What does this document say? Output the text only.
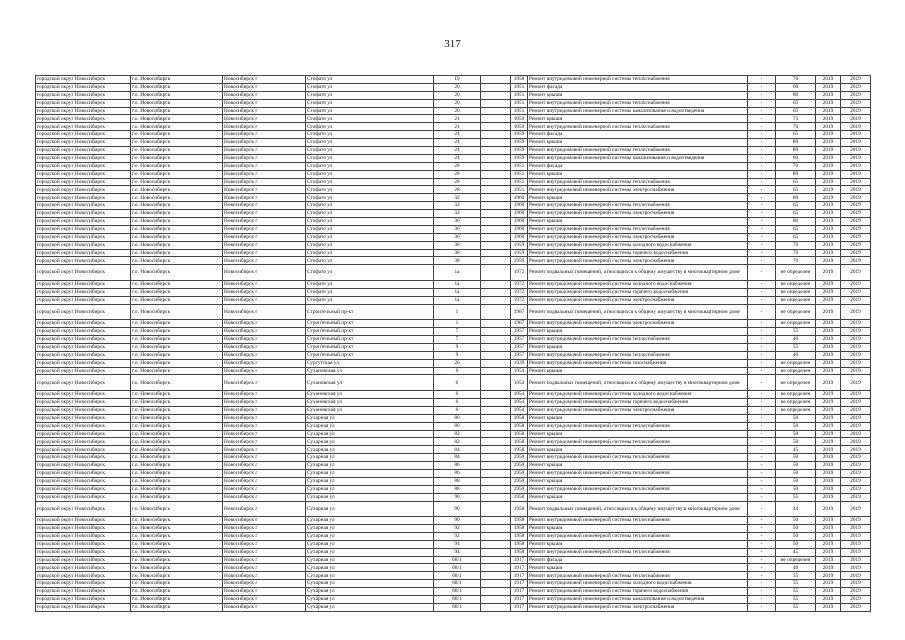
317
городской округ Новосибирск	г.о. Новосибирск	Новосибирск г	Стофато ул	19		1958	Ремонт внутридомовой инженерной системы теплоснабжения	-	70	2019	2019
городской округ Новосибирск	г.о. Новосибирск	Новосибирск г	Стофато ул	20		1951	Ремонт фасада	-	60	2019	2019
городской округ Новосибирск	г.о. Новосибирск	Новосибирск г	Стофато ул	20		1951	Ремонт крыши	-	80	2019	2019
городской округ Новосибирск	г.о. Новосибирск	Новосибирск г	Стофато ул	20		1951	Ремонт внутридомовой инженерной системы теплоснабжения	-	65	2019	2019
городской округ Новосибирск	г.о. Новосибирск	Новосибирск г	Стофато ул	20		1951	Ремонт внутридомовой инженерной системы канализования и водоотведения	-	65	2019	2019
городской округ Новосибирск	г.о. Новосибирск	Новосибирск г	Стофато ул	21		1959	Ремонт крыши	-	75	2019	2019
городской округ Новосибирск	г.о. Новосибирск	Новосибирск г	Стофато ул	21		1959	Ремонт внутридомовой инженерной системы теплоснабжения	-	70	2019	2019
городской округ Новосибирск	г.о. Новосибирск	Новосибирск г	Стофато ул	24		1959	Ремонт фасада	-	65	2019	2019
городской округ Новосибирск	г.о. Новосибирск	Новосибирск г	Стофато ул	24		1959	Ремонт крыши	-	80	2019	2019
городской округ Новосибирск	г.о. Новосибирск	Новосибирск г	Стофато ул	24		1959	Ремонт внутридомовой инженерной системы теплоснабжения	-	80	2019	2019
городской округ Новосибирск	г.о. Новосибирск	Новосибирск г	Стофато ул	24		1959	Ремонт внутридомовой инженерной системы канализования и водоотведения	-	60	2019	2019
городской округ Новосибирск	г.о. Новосибирск	Новосибирск г	Стофато ул	28		1951	Ремонт фасада	-	70	2019	2019
городской округ Новосибирск	г.о. Новосибирск	Новосибирск г	Стофато ул	28		1951	Ремонт крыши	-	80	2019	2019
городской округ Новосибирск	г.о. Новосибирск	Новосибирск г	Стофато ул	28		1951	Ремонт внутридомовой инженерной системы теплоснабжения	-	65	2019	2019
городской округ Новосибирск	г.о. Новосибирск	Новосибирск г	Стофато ул	28		1951	Ремонт внутридомовой инженерной системы электроснабжения	-	65	2019	2019
городской округ Новосибирск	г.о. Новосибирск	Новосибирск г	Стофато ул	32		1960	Ремонт крыши	-	80	2019	2019
городской округ Новосибирск	г.о. Новосибирск	Новосибирск г	Стофато ул	32		1960	Ремонт внутридомовой инженерной системы теплоснабжения	-	65	2019	2019
городской округ Новосибирск	г.о. Новосибирск	Новосибирск г	Стофато ул	32		1960	Ремонт внутридомовой инженерной системы электроснабжения	-	65	2019	2019
городской округ Новосибирск	г.о. Новосибирск	Новосибирск г	Стофато ул	36		1960	Ремонт крыши	-	80	2019	2019
городской округ Новосибирск	г.о. Новосибирск	Новосибирск г	Стофато ул	36		1960	Ремонт внутридомовой инженерной системы теплоснабжения	-	65	2019	2019
городской округ Новосибирск	г.о. Новосибирск	Новосибирск г	Стофато ул	36		1960	Ремонт внутридомовой инженерной системы электроснабжения	-	65	2019	2019
городской округ Новосибирск	г.о. Новосибирск	Новосибирск г	Стофато ул	38		1959	Ремонт внутридомовой инженерной системы холодного водоснабжения	-	70	2019	2019
городской округ Новосибирск	г.о. Новосибирск	Новосибирск г	Стофато ул	38		1959	Ремонт внутридомовой инженерной системы горячего водоснабжения	-	70	2019	2019
городской округ Новосибирск	г.о. Новосибирск	Новосибирск г	Стофато ул	38		1959	Ремонт внутридомовой инженерной системы электроснабжения	-	70	2019	2019
городской округ Новосибирск	г.о. Новосибирск	Новосибирск г	Стофато ул	1а		1972	Ремонт подвальных помещений, относящихся к общему имуществу в многоквартирном доме	-	не определен	2019	2019
городской округ Новосибирск	г.о. Новосибирск	Новосибирск г	Стофато ул	1а		1972	Ремонт внутридомовой инженерной системы холодного водоснабжения	-	не определен	2019	2019
городской округ Новосибирск	г.о. Новосибирск	Новосибирск г	Стофато ул	1а		1972	Ремонт внутридомовой инженерной системы горячего водоснабжения	-	не определен	2019	2019
городской округ Новосибирск	г.о. Новосибирск	Новосибирск г	Стофато ул	1а		1972	Ремонт внутридомовой инженерной системы электроснабжения	-	не определен	2019	2019
городской округ Новосибирск	г.о. Новосибирск	Новосибирск г	Строительный пр-кт	1		1987	Ремонт подвальных помещений, относящихся к общему имуществу в многоквартирном доме	-	не определен	2019	2019
городской округ Новосибирск	г.о. Новосибирск	Новосибирск г	Строительный пр-кт	1		1967	Ремонт внутридомовой инженерной системы электроснабжения	-	не определен	2019	2019
городской округ Новосибирск	г.о. Новосибирск	Новосибирск г	Строительный пр-кт	7		1957	Ремонт крыши	-	55	2019	2019
городской округ Новосибирск	г.о. Новосибирск	Новосибирск г	Строительный пр-кт	7		1957	Ремонт внутридомовой инженерной системы теплоснабжения	-	40	2019	2019
городской округ Новосибирск	г.о. Новосибирск	Новосибирск г	Строительный пр-кт	9		1957	Ремонт крыши	-	55	2019	2019
городской округ Новосибирск	г.о. Новосибирск	Новосибирск г	Строительный пр-кт	9		1957	Ремонт внутридомовой инженерной системы теплоснабжения	-	40	2019	2019
городской округ Новосибирск	г.о. Новосибирск	Новосибирск г	Сургутская ул	26		1939	Ремонт внутридомовой инженерной системы газоснабжения	-	не определен	2019	2019
городской округ Новосибирск	г.о. Новосибирск	Новосибирск г	Сухановская ул	6		1954	Ремонт крыши	-	не определен	2019	2019
городской округ Новосибирск	г.о. Новосибирск	Новосибирск г	Сухановская ул	6		1954	Ремонт подвальных помещений, относящихся к общему имуществу в многоквартирном доме	-	не определен	2019	2019
городской округ Новосибирск	г.о. Новосибирск	Новосибирск г	Сухановская ул	6		1954	Ремонт внутридомовой инженерной системы холодного водоснабжения	-	не определен	2019	2019
городской округ Новосибирск	г.о. Новосибирск	Новосибирск г	Сухановская ул	6		1954	Ремонт внутридомовой инженерной системы горячего водоснабжения	-	не определен	2019	2019
городской округ Новосибирск	г.о. Новосибирск	Новосибирск г	Сухановская ул	6		1954	Ремонт внутридомовой инженерной системы электроснабжения	-	не определен	2019	2019
городской округ Новосибирск	г.о. Новосибирск	Новосибирск г	Сухарная ул	80		1958	Ремонт крыши	-	50	2019	2019
городской округ Новосибирск	г.о. Новосибирск	Новосибирск г	Сухарная ул	80		1958	Ремонт внутридомовой инженерной системы теплоснабжения	-	50	2019	2019
городской округ Новосибирск	г.о. Новосибирск	Новосибирск г	Сухарная ул	82		1958	Ремонт крыши	-	50	2019	2019
городской округ Новосибирск	г.о. Новосибирск	Новосибирск г	Сухарная ул	82		1958	Ремонт внутридомовой инженерной системы теплоснабжения	-	50	2019	2019
городской округ Новосибирск	г.о. Новосибирск	Новосибирск г	Сухарная ул	84		1958	Ремонт крыши	-	45	2019	2019
городской округ Новосибирск	г.о. Новосибирск	Новосибирск г	Сухарная ул	84		1958	Ремонт внутридомовой инженерной системы теплоснабжения	-	50	2019	2019
городской округ Новосибирск	г.о. Новосибирск	Новосибирск г	Сухарная ул	86		1958	Ремонт крыши	-	50	2019	2019
городской округ Новосибирск	г.о. Новосибирск	Новосибирск г	Сухарная ул	86		1958	Ремонт внутридомовой инженерной системы теплоснабжения	-	50	2019	2019
городской округ Новосибирск	г.о. Новосибирск	Новосибирск г	Сухарная ул	88		1958	Ремонт крыши	-	50	2019	2019
городской округ Новосибирск	г.о. Новосибирск	Новосибирск г	Сухарная ул	88		1958	Ремонт внутридомовой инженерной системы теплоснабжения	-	50	2019	2019
городской округ Новосибирск	г.о. Новосибирск	Новосибирск г	Сухарная ул	90		1958	Ремонт крыши	-	55	2019	2019
городской округ Новосибирск	г.о. Новосибирск	Новосибирск г	Сухарная ул	90		1958	Ремонт подвальных помещений, относящихся к общему имуществу в многоквартирном доме	-	44	2019	2019
городской округ Новосибирск	г.о. Новосибирск	Новосибирск г	Сухарная ул	90		1958	Ремонт внутридомовой инженерной системы теплоснабжения	-	50	2019	2019
городской округ Новосибирск	г.о. Новосибирск	Новосибирск г	Сухарная ул	92		1958	Ремонт крыши	-	50	2019	2019
городской округ Новосибирск	г.о. Новосибирск	Новосибирск г	Сухарная ул	92		1958	Ремонт внутридомовой инженерной системы теплоснабжения	-	50	2019	2019
городской округ Новосибирск	г.о. Новосибирск	Новосибирск г	Сухарная ул	94		1958	Ремонт крыши	-	50	2019	2019
городской округ Новосибирск	г.о. Новосибирск	Новосибирск г	Сухарная ул	94		1958	Ремонт внутридомовой инженерной системы теплоснабжения	-	45	2019	2019
городской округ Новосибирск	г.о. Новосибирск	Новосибирск г	Сухарная ул	68/1		1917	Ремонт фасада	-	не определен	2019	2019
городской округ Новосибирск	г.о. Новосибирск	Новосибирск г	Сухарная ул	68/1		1917	Ремонт крыши	-	40	2019	2019
городской округ Новосибирск	г.о. Новосибирск	Новосибирск г	Сухарная ул	68/1		1917	Ремонт внутридомовой инженерной системы теплоснабжения	-	55	2019	2019
городской округ Новосибирск	г.о. Новосибирск	Новосибирск г	Сухарная ул	68/1		1917	Ремонт внутридомовой инженерной системы холодного водоснабжения	-	55	2019	2019
городской округ Новосибирск	г.о. Новосибирск	Новосибирск г	Сухарная ул	68/1		1917	Ремонт внутридомовой инженерной системы горячего водоснабжения	-	55	2019	2019
городской округ Новосибирск	г.о. Новосибирск	Новосибирск г	Сухарная ул	68/1		1917	Ремонт внутридомовой инженерной системы канализования и водоотведения	-	55	2019	2019
городской округ Новосибирск	г.о. Новосибирск	Новосибирск г	Сухарная ул	68/1		1917	Ремонт внутридомовой инженерной системы электроснабжения	-	55	2019	2019
